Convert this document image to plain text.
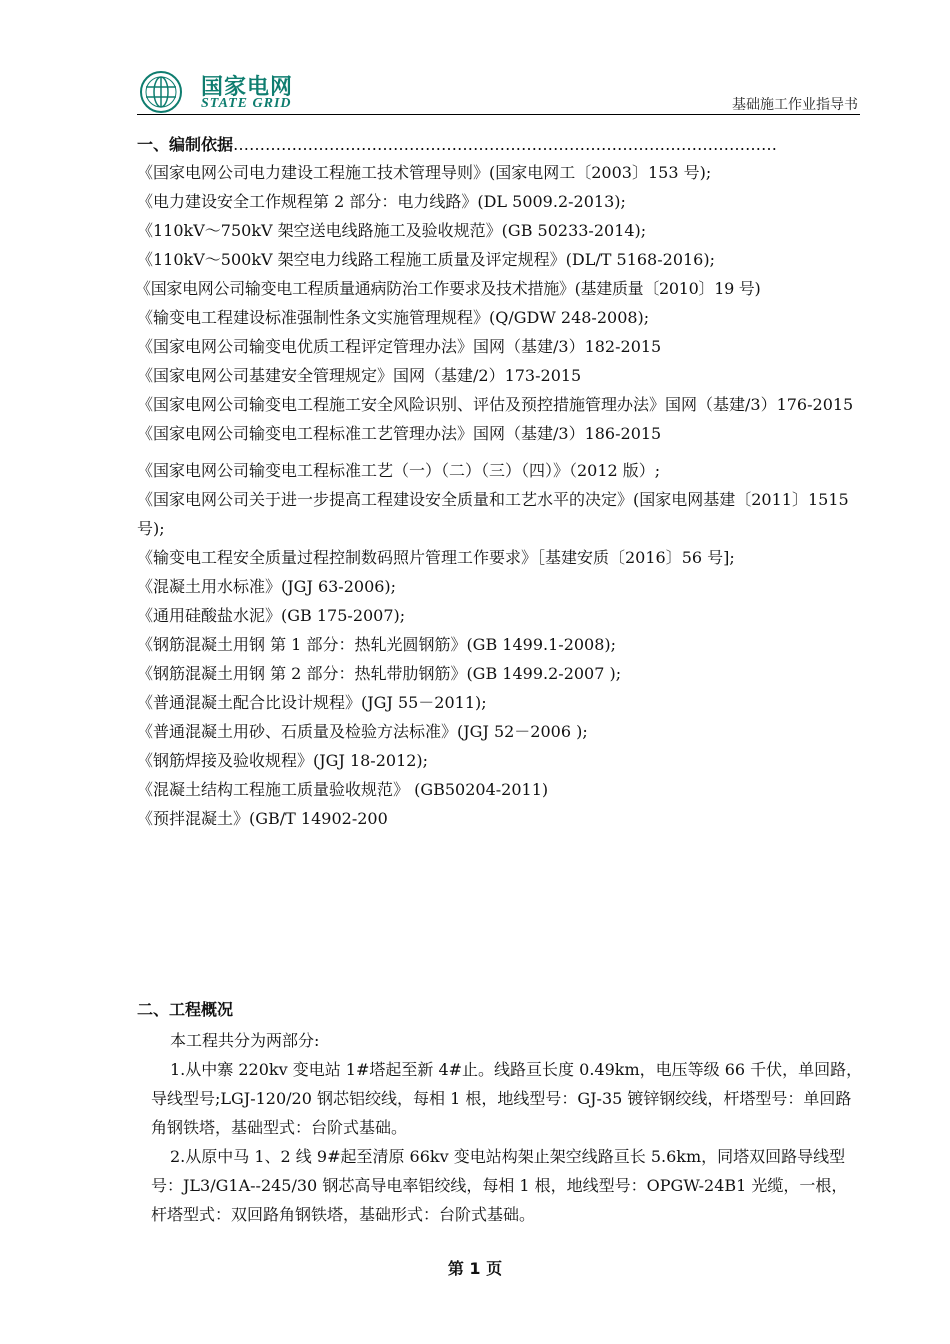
国家电网
STATE GRID	基础施工作业指导书
一、编制依据…………………………………………………………………………………………
《国家电网公司电力建设工程施工技术管理导则》(国家电网工〔2003〕153 号);
《电力建设安全工作规程第 2 部分：电力线路》(DL 5009.2-2013);
《110kV～750kV 架空送电线路施工及验收规范》(GB 50233-2014);
《110kV～500kV 架空电力线路工程施工质量及评定规程》(DL/T 5168-2016);
《国家电网公司输变电工程质量通病防治工作要求及技术措施》(基建质量〔2010〕19 号)
《输变电工程建设标准强制性条文实施管理规程》(Q/GDW 248-2008);
《国家电网公司输变电优质工程评定管理办法》国网（基建/3）182-2015
《国家电网公司基建安全管理规定》国网（基建/2）173-2015
《国家电网公司输变电工程施工安全风险识别、评估及预控措施管理办法》国网（基建/3）176-2015
《国家电网公司输变电工程标准工艺管理办法》国网（基建/3）186-2015
《国家电网公司输变电工程标准工艺（一）（二）（三）（四）》（2012 版）;
《国家电网公司关于进一步提高工程建设安全质量和工艺水平的决定》(国家电网基建〔2011〕1515 号);
《输变电工程安全质量过程控制数码照片管理工作要求》［基建安质〔2016〕56 号];
《混凝土用水标准》(JGJ 63-2006);
《通用硅酸盐水泥》(GB 175-2007);
《钢筋混凝土用钢 第 1 部分：热轧光圆钢筋》(GB 1499.1-2008);
《钢筋混凝土用钢 第 2 部分：热轧带肋钢筋》(GB 1499.2-2007 );
《普通混凝土配合比设计规程》(JGJ 55－2011);
《普通混凝土用砂、石质量及检验方法标准》(JGJ 52－2006 );
《钢筋焊接及验收规程》(JGJ 18-2012);
《混凝土结构工程施工质量验收规范》 (GB50204-2011)
《预拌混凝土》(GB/T 14902-200
二、工程概况

本工程共分为两部分:

1.从中寨 220kv 变电站 1#塔起至新 4#止。线路亘长度 0.49km，电压等级 66 千伏，单回路，导线型号;LGJ-120/20 钢芯铝绞线，每相 1 根，地线型号：GJ-35 镀锌钢绞线，杆塔型号：单回路角钢铁塔，基础型式：台阶式基础。

2.从原中马 1、2 线 9#起至清原 66kv 变电站构架止架空线路亘长 5.6km，同塔双回路导线型号：JL3/G1A--245/30 钢芯高导电率铝绞线，每相 1 根，地线型号：OPGW-24B1 光缆，一根，杆塔型式：双回路角钢铁塔，基础形式：台阶式基础。

第 1 页
